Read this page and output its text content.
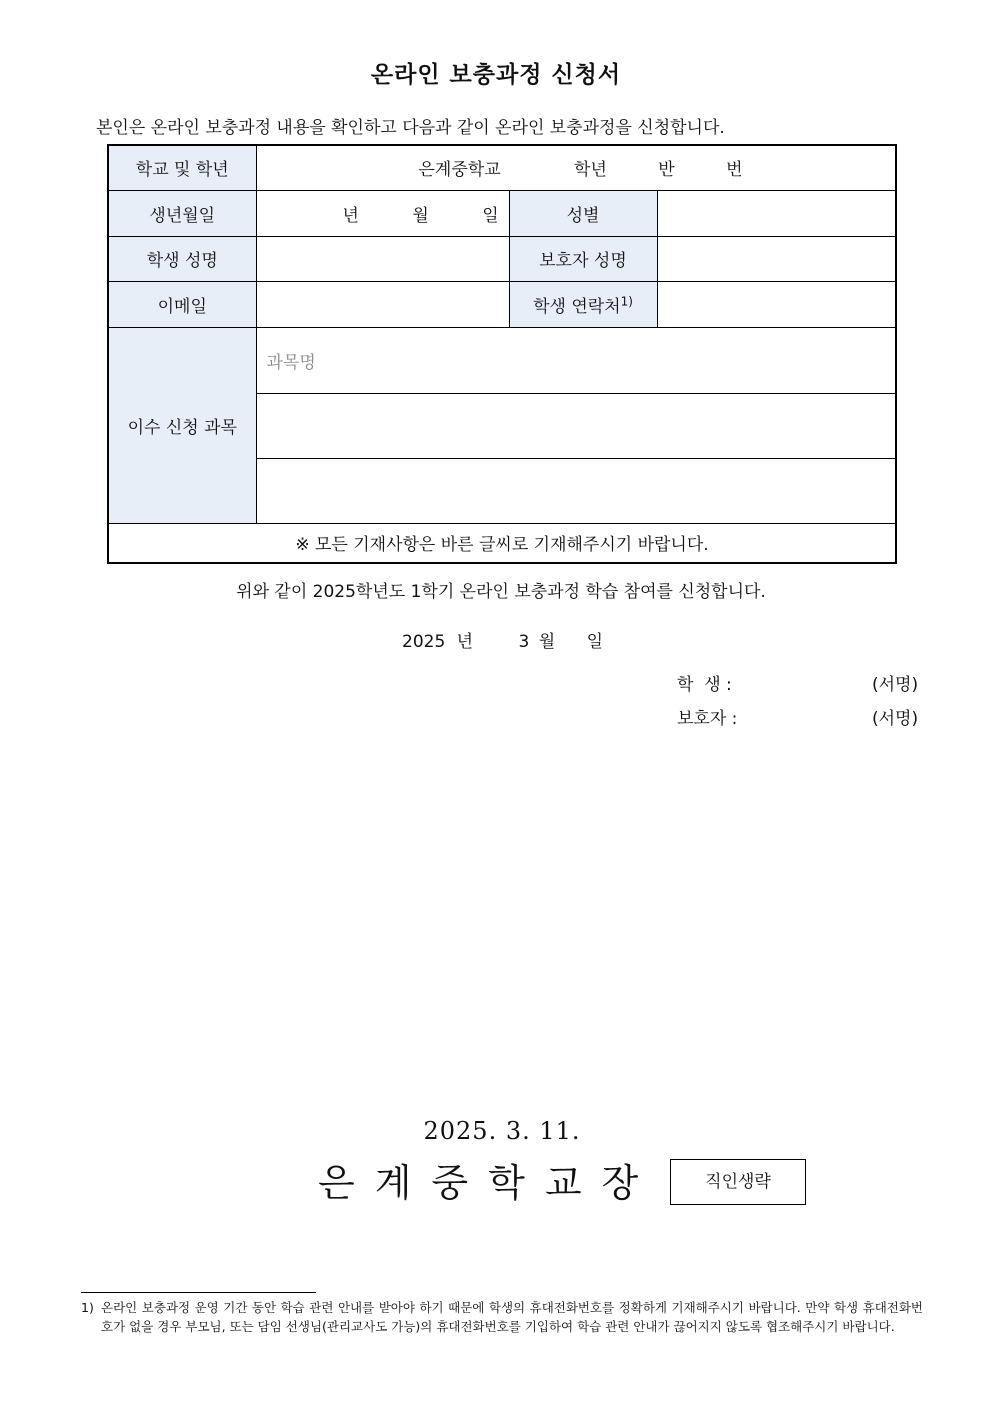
온라인 보충과정 신청서
본인은 온라인 보충과정 내용을 확인하고 다음과 같이 온라인 보충과정을 신청합니다.
학교 및 학년	은계중학교 학년 반 번		
생년월일	년 월 일	성별	
학생 성명		보호자 성명	
이메일		학생 연락처$^{1)}$	
이수 신청 과목	과목명		

※ 모든 기재사항은 바른 글씨로 기재해주시기 바랍니다.			
위와 같이 2025학년도 1학기 온라인 보충과정 학습 참여를 신청합니다.
2025 년	3 월 일
학  생 :	(서명)
보호자 :	(서명)
2025. 3. 11.
은계중학교장	직인생략
1) 온라인 보충과정 운영 기간 동안 학습 관련 안내를 받아야 하기 때문에 학생의 휴대전화번호를 정확하게 기재해주시기 바랍니다. 만약 학생 휴대전화번호가 없을 경우 부모님, 또는 담임 선생님(관리교사도 가능)의 휴대전화번호를 기입하여 학습 관련 안내가 끊어지지 않도록 협조해주시기 바랍니다.
